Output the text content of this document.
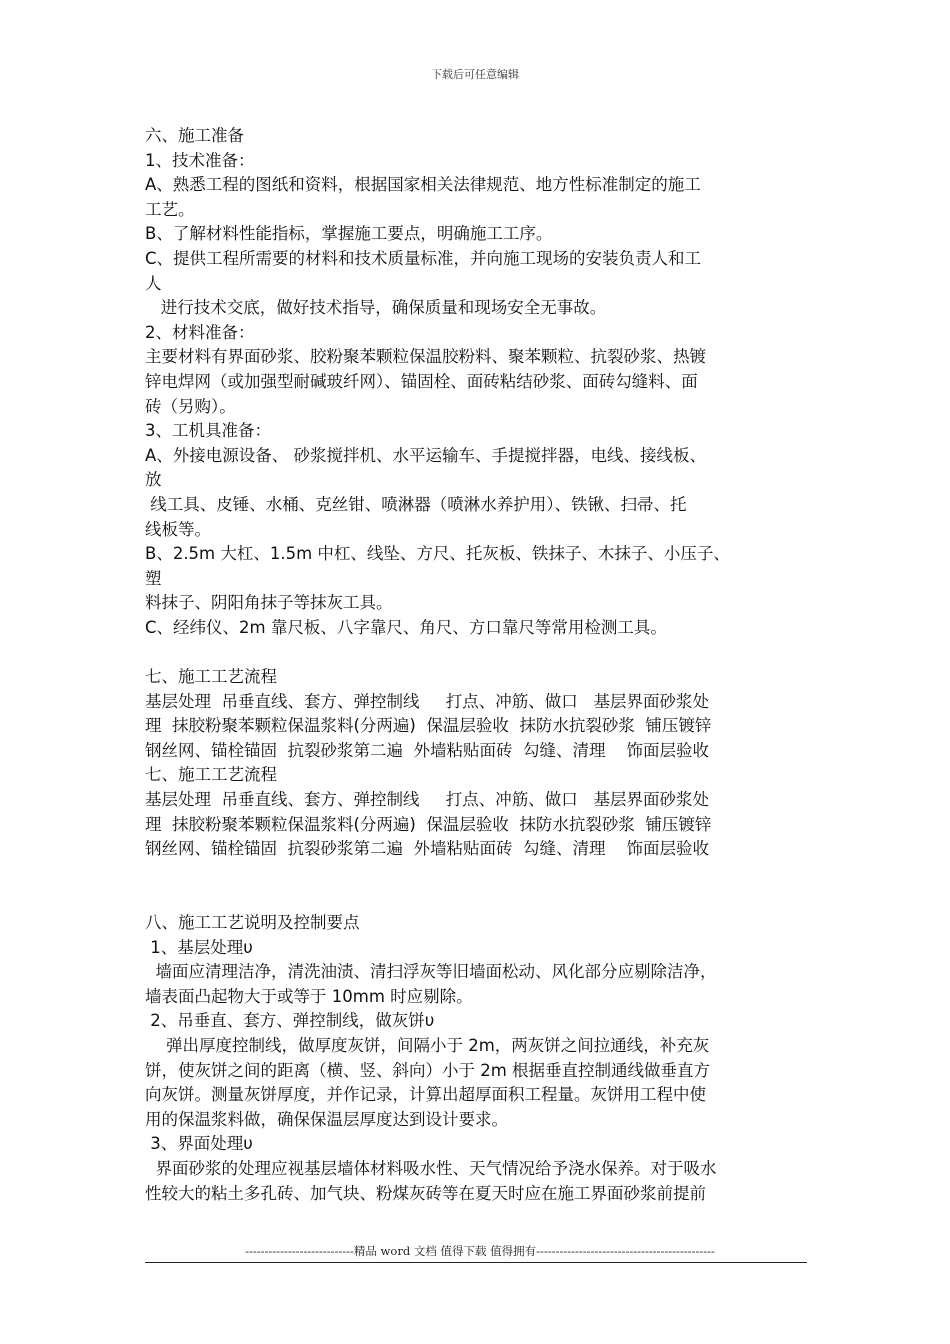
下载后可任意编辑
六、施工准备
1、技术准备：
A、熟悉工程的图纸和资料，根据国家相关法律规范、地方性标准制定的施工
工艺。
B、了解材料性能指标，掌握施工要点，明确施工工序。
C、提供工程所需要的材料和技术质量标准，并向施工现场的安装负责人和工
人
进行技术交底，做好技术指导，确保质量和现场安全无事故。
2、材料准备：
主要材料有界面砂浆、胶粉聚苯颗粒保温胶粉料、聚苯颗粒、抗裂砂浆、热镀
锌电焊网（或加强型耐碱玻纤网）、锚固栓、面砖粘结砂浆、面砖勾缝料、面
砖（另购）。
3、工机具准备：
A、外接电源设备、 砂浆搅拌机、水平运输车、手提搅拌器，电线、接线板、
放
线工具、皮锤、水桶、克丝钳、喷淋器（喷淋水养护用）、铁锹、扫帚、托
线板等。
B、2.5m 大杠、1.5m 中杠、线坠、方尺、托灰板、铁抹子、木抹子、小压子、
塑
料抹子、阴阳角抹子等抹灰工具。
C、经纬仪、2m 靠尺板、八字靠尺、角尺、方口靠尺等常用检测工具。
七、施工工艺流程
基层处理  吊垂直线、套方、弹控制线     打点、冲筋、做口   基层界面砂浆处
理  抹胶粉聚苯颗粒保温浆料(分两遍)  保温层验收  抹防水抗裂砂浆  铺压镀锌
钢丝网、锚栓锚固  抗裂砂浆第二遍  外墙粘贴面砖  勾缝、清理    饰面层验收
七、施工工艺流程
基层处理  吊垂直线、套方、弹控制线     打点、冲筋、做口   基层界面砂浆处
理  抹胶粉聚苯颗粒保温浆料(分两遍)  保温层验收  抹防水抗裂砂浆  铺压镀锌
钢丝网、锚栓锚固  抗裂砂浆第二遍  外墙粘贴面砖  勾缝、清理    饰面层验收
八、施工工艺说明及控制要点
1、基层处理υ
墙面应清理洁净，清洗油渍、清扫浮灰等旧墙面松动、风化部分应剔除洁净，
墙表面凸起物大于或等于 10mm 时应剔除。
2、吊垂直、套方、弹控制线，做灰饼υ
弹出厚度控制线，做厚度灰饼，间隔小于 2m，两灰饼之间拉通线，补充灰
饼，使灰饼之间的距离（横、竖、斜向）小于 2m 根据垂直控制通线做垂直方
向灰饼。测量灰饼厚度，并作记录，计算出超厚面积工程量。灰饼用工程中使
用的保温浆料做，确保保温层厚度达到设计要求。
3、界面处理υ
界面砂浆的处理应视基层墙体材料吸水性、天气情况给予浇水保养。对于吸水
性较大的粘土多孔砖、加气块、粉煤灰砖等在夏天时应在施工界面砂浆前提前
----------------------------精品 word 文档 值得下载 值得拥有----------------------------------------------
